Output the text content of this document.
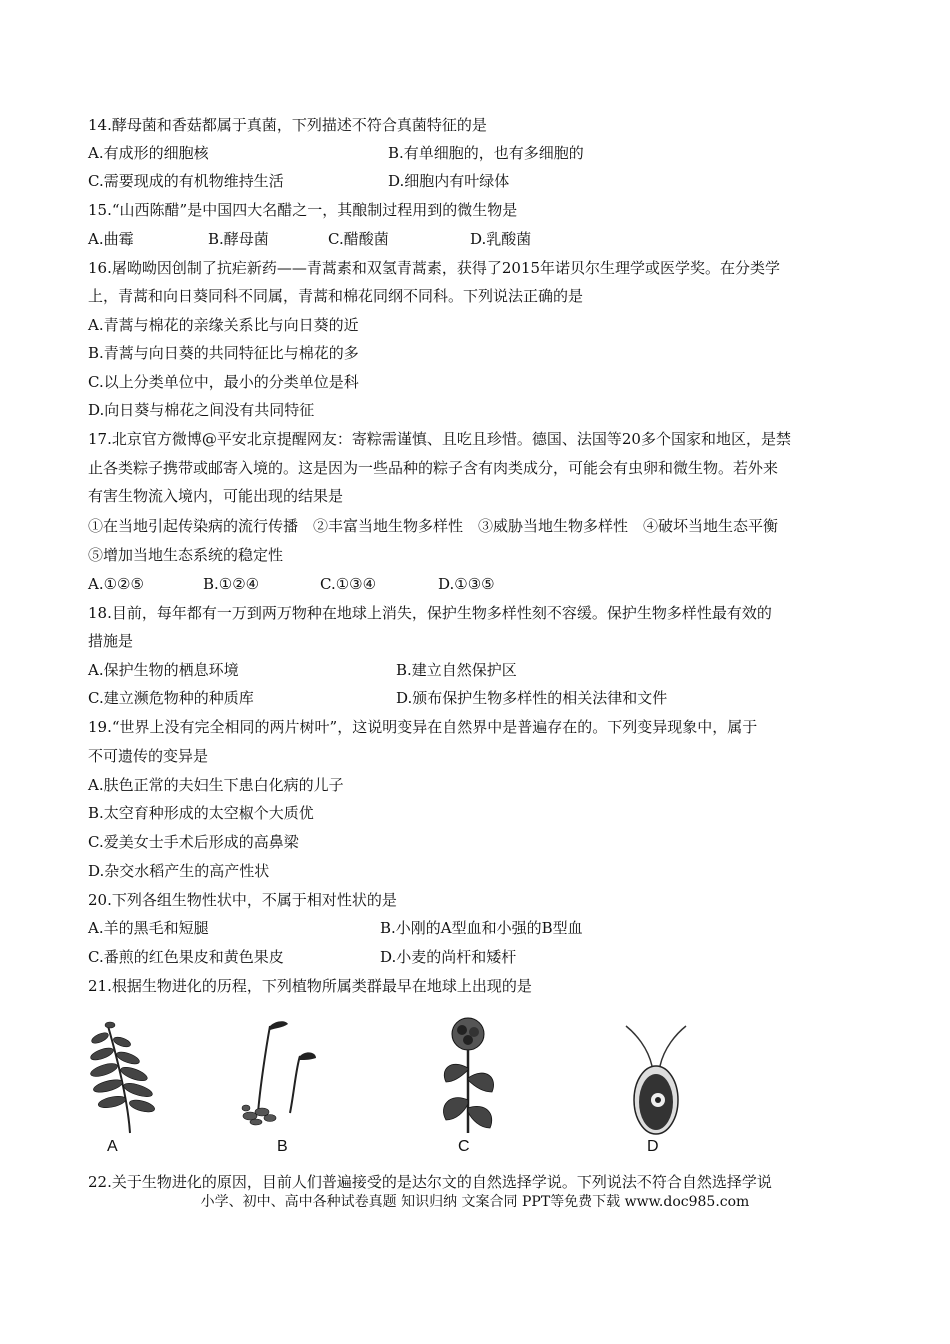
14.酵母菌和香菇都属于真菌，下列描述不符合真菌特征的是
A.有成形的细胞核	B.有单细胞的，也有多细胞的
C.需要现成的有机物维持生活	D.细胞内有叶绿体
15.“山西陈醋”是中国四大名醋之一，其酿制过程用到的微生物是
A.曲霉	B.酵母菌	C.醋酸菌	D.乳酸菌
16.屠呦呦因创制了抗疟新药——青蒿素和双氢青蒿素，获得了2015年诺贝尔生理学或医学奖。在分类学
上，青蒿和向日葵同科不同属，青蒿和棉花同纲不同科。下列说法正确的是
A.青蒿与棉花的亲缘关系比与向日葵的近
B.青蒿与向日葵的共同特征比与棉花的多
C.以上分类单位中，最小的分类单位是科
D.向日葵与棉花之间没有共同特征
17.北京官方微博@平安北京提醒网友：寄粽需谨慎、且吃且珍惜。德国、法国等20多个国家和地区，是禁
止各类粽子携带或邮寄入境的。这是因为一些品种的粽子含有肉类成分，可能会有虫卵和微生物。若外来
有害生物流入境内，可能出现的结果是
①在当地引起传染病的流行传播　②丰富当地生物多样性　③威胁当地生物多样性　④破坏当地生态平衡
⑤增加当地生态系统的稳定性
A.①②⑤	B.①②④	C.①③④	D.①③⑤
18.目前，每年都有一万到两万物种在地球上消失，保护生物多样性刻不容缓。保护生物多样性最有效的
措施是
A.保护生物的栖息环境	B.建立自然保护区
C.建立濒危物种的种质库	D.颁布保护生物多样性的相关法律和文件
19.“世界上没有完全相同的两片树叶”，这说明变异在自然界中是普遍存在的。下列变异现象中，属于
不可遗传的变异是
A.肤色正常的夫妇生下患白化病的儿子
B.太空育种形成的太空椒个大质优
C.爱美女士手术后形成的高鼻梁
D.杂交水稻产生的高产性状
20.下列各组生物性状中，不属于相对性状的是
A.羊的黑毛和短腿	B.小刚的A型血和小强的B型血
C.番煎的红色果皮和黄色果皮	D.小麦的尚杆和矮杆
21.根据生物进化的历程，下列植物所属类群最早在地球上出现的是
A	B	C	D
22.关于生物进化的原因，目前人们普遍接受的是达尔文的自然选择学说。下列说法不符合自然选择学说
小学、初中、高中各种试卷真题 知识归纳 文案合同 PPT等免费下载 www.doc985.com
